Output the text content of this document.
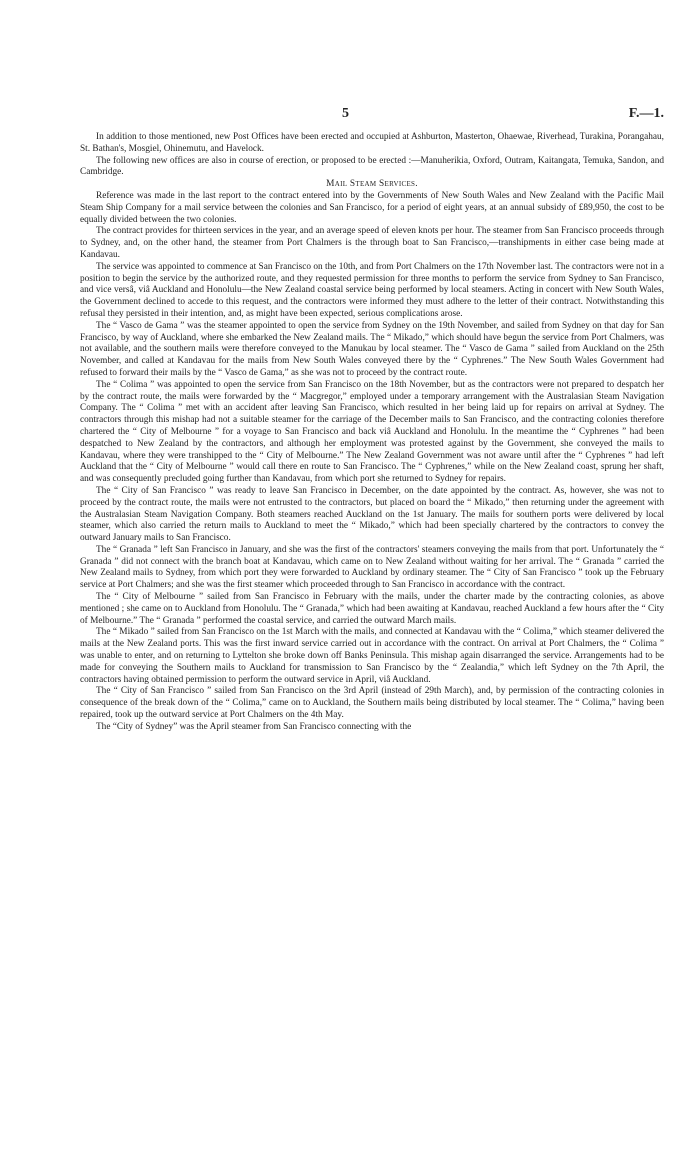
5	F.—1.

In addition to those mentioned, new Post Offices have been erected and occupied at Ashburton, Masterton, Ohaewae, Riverhead, Turakina, Porangahau, St. Bathan's, Mosgiel, Ohinemutu, and Havelock.

The following new offices are also in course of erection, or proposed to be erected :—Manuherikia, Oxford, Outram, Kaitangata, Temuka, Sandon, and Cambridge.

Mail Steam Services.

Reference was made in the last report to the contract entered into by the Governments of New South Wales and New Zealand with the Pacific Mail Steam Ship Company for a mail service between the colonies and San Francisco, for a period of eight years, at an annual subsidy of £89,950, the cost to be equally divided between the two colonies.

The contract provides for thirteen services in the year, and an average speed of eleven knots per hour. The steamer from San Francisco proceeds through to Sydney, and, on the other hand, the steamer from Port Chalmers is the through boat to San Francisco,—transhipments in either case being made at Kandavau.

The service was appointed to commence at San Francisco on the 10th, and from Port Chalmers on the 17th November last. The contractors were not in a position to begin the service by the authorized route, and they requested permission for three months to perform the service from Sydney to San Francisco, and vice versâ, viâ Auckland and Honolulu—the New Zealand coastal service being performed by local steamers. Acting in concert with New South Wales, the Government declined to accede to this request, and the contractors were informed they must adhere to the letter of their contract. Notwithstanding this refusal they persisted in their intention, and, as might have been expected, serious complications arose.

The “ Vasco de Gama ” was the steamer appointed to open the service from Sydney on the 19th November, and sailed from Sydney on that day for San Francisco, by way of Auckland, where she embarked the New Zealand mails. The “ Mikado,” which should have begun the service from Port Chalmers, was not available, and the southern mails were therefore conveyed to the Manukau by local steamer. The “ Vasco de Gama ” sailed from Auckland on the 25th November, and called at Kandavau for the mails from New South Wales conveyed there by the “ Cyphrenes.” The New South Wales Government had refused to forward their mails by the “ Vasco de Gama,” as she was not to proceed by the contract route.

The “ Colima ” was appointed to open the service from San Francisco on the 18th November, but as the contractors were not prepared to despatch her by the contract route, the mails were forwarded by the “ Macgregor,” employed under a temporary arrangement with the Australasian Steam Navigation Company. The “ Colima ” met with an accident after leaving San Francisco, which resulted in her being laid up for repairs on arrival at Sydney. The contractors through this mishap had not a suitable steamer for the carriage of the December mails to San Francisco, and the contracting colonies therefore chartered the “ City of Melbourne ” for a voyage to San Francisco and back viâ Auckland and Honolulu. In the meantime the “ Cyphrenes ” had been despatched to New Zealand by the contractors, and although her employment was protested against by the Government, she conveyed the mails to Kandavau, where they were transhipped to the “ City of Melbourne.” The New Zealand Government was not aware until after the “ Cyphrenes ” had left Auckland that the “ City of Melbourne ” would call there en route to San Francisco. The “ Cyphrenes,” while on the New Zealand coast, sprung her shaft, and was consequently precluded going further than Kandavau, from which port she returned to Sydney for repairs.

The “ City of San Francisco ” was ready to leave San Francisco in December, on the date appointed by the contract. As, however, she was not to proceed by the contract route, the mails were not entrusted to the contractors, but placed on board the “ Mikado,” then returning under the agreement with the Australasian Steam Navigation Company. Both steamers reached Auckland on the 1st January. The mails for southern ports were delivered by local steamer, which also carried the return mails to Auckland to meet the “ Mikado,” which had been specially chartered by the contractors to convey the outward January mails to San Francisco.

The “ Granada ” left San Francisco in January, and she was the first of the contractors' steamers conveying the mails from that port. Unfortunately the “ Granada ” did not connect with the branch boat at Kandavau, which came on to New Zealand without waiting for her arrival. The “ Granada ” carried the New Zealand mails to Sydney, from which port they were forwarded to Auckland by ordinary steamer. The “ City of San Francisco ” took up the February service at Port Chalmers; and she was the first steamer which proceeded through to San Francisco in accordance with the contract.

The “ City of Melbourne ” sailed from San Francisco in February with the mails, under the charter made by the contracting colonies, as above mentioned ; she came on to Auckland from Honolulu. The “ Granada,” which had been awaiting at Kandavau, reached Auckland a few hours after the “ City of Melbourne.” The “ Granada ” performed the coastal service, and carried the outward March mails.

The “ Mikado ” sailed from San Francisco on the 1st March with the mails, and connected at Kandavau with the “ Colima,” which steamer delivered the mails at the New Zealand ports. This was the first inward service carried out in accordance with the contract. On arrival at Port Chalmers, the “ Colima ” was unable to enter, and on returning to Lyttelton she broke down off Banks Peninsula. This mishap again disarranged the service. Arrangements had to be made for conveying the Southern mails to Auckland for transmission to San Francisco by the “ Zealandia,” which left Sydney on the 7th April, the contractors having obtained permission to perform the outward service in April, viâ Auckland.

The “ City of San Francisco ” sailed from San Francisco on the 3rd April (instead of 29th March), and, by permission of the contracting colonies in consequence of the break down of the “ Colima,” came on to Auckland, the Southern mails being distributed by local steamer. The “ Colima,” having been repaired, took up the outward service at Port Chalmers on the 4th May.

The “City of Sydney” was the April steamer from San Francisco connecting with the
